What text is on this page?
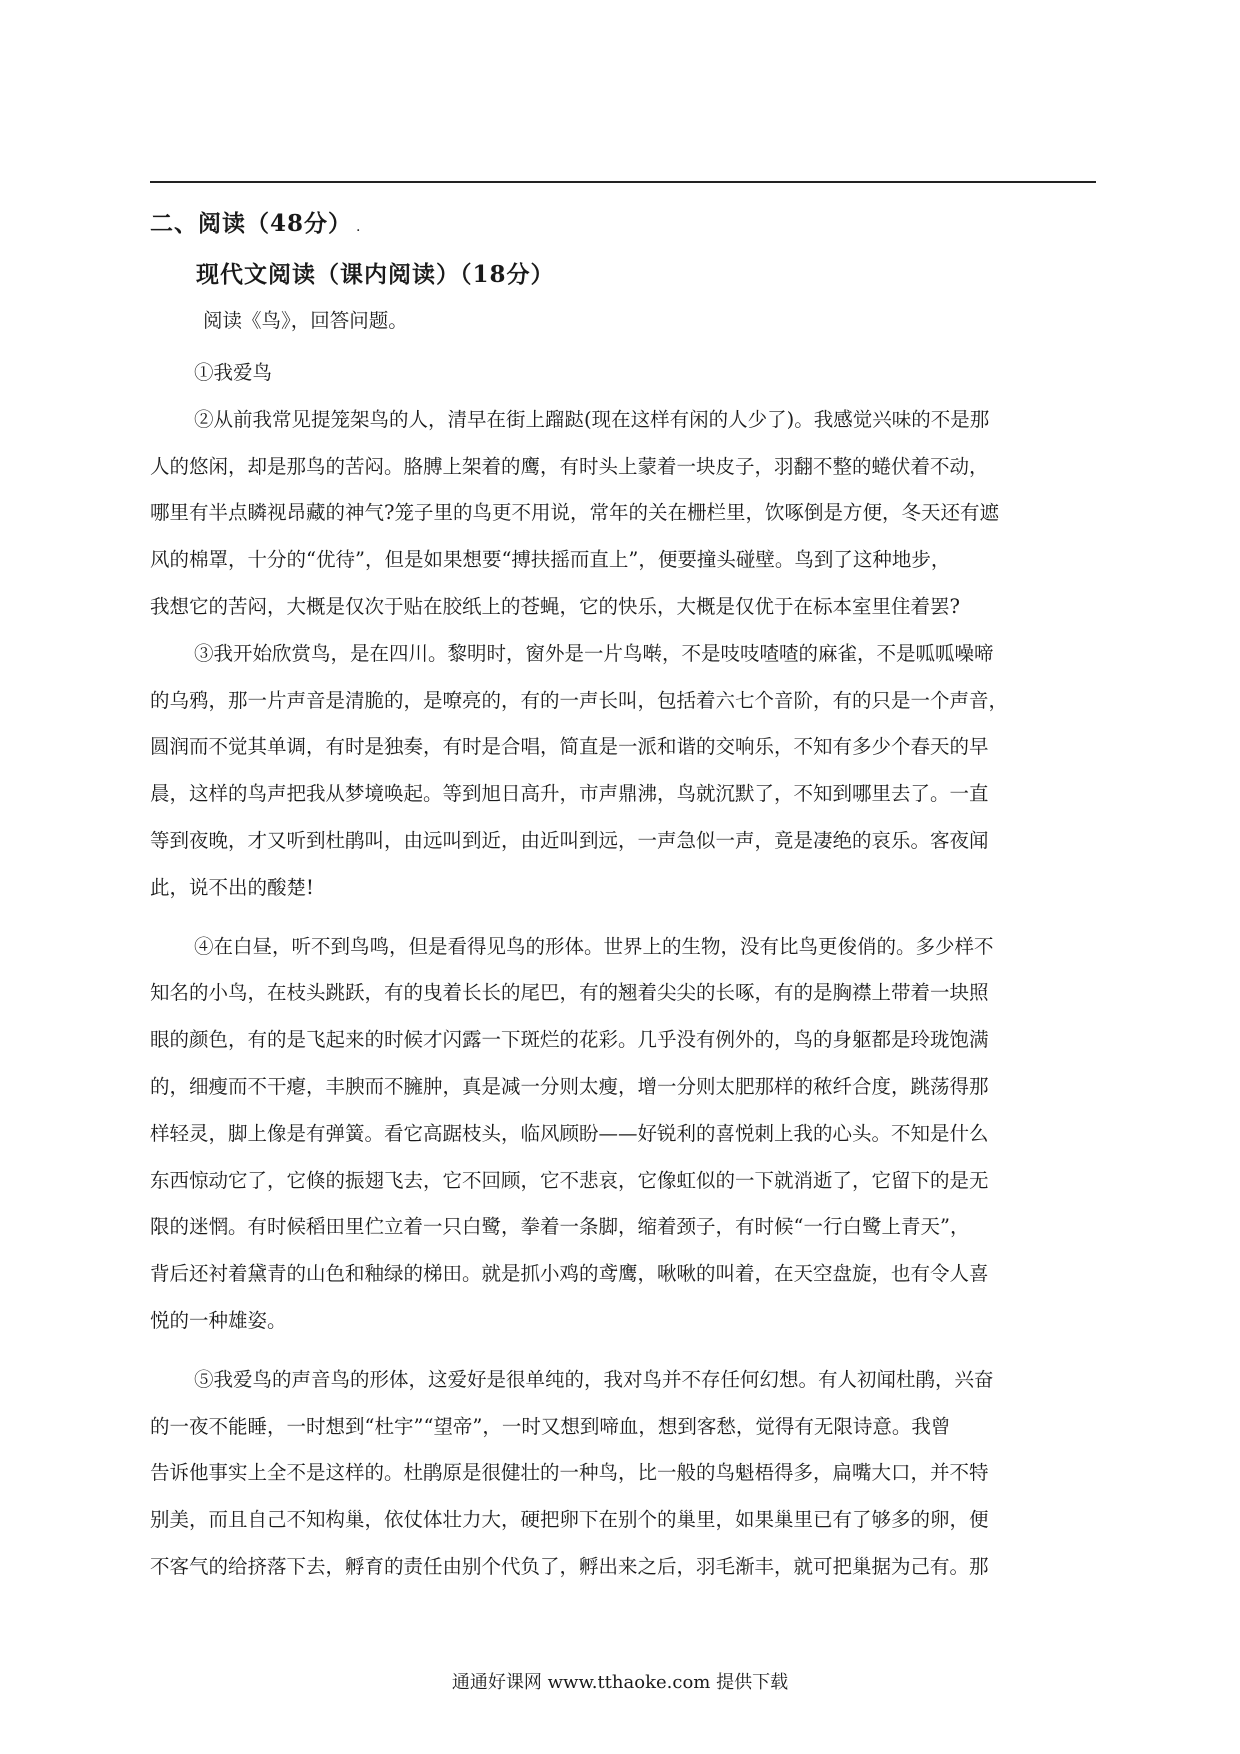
二、阅读（48分） .
现代文阅读（课内阅读）（18分）
阅读《鸟》，回答问题。
①我爱鸟
②从前我常见提笼架鸟的人，清早在街上蹓跶(现在这样有闲的人少了)。我感觉兴味的不是那
人的悠闲，却是那鸟的苦闷。胳膊上架着的鹰，有时头上蒙着一块皮子，羽翻不整的蜷伏着不动，
哪里有半点瞵视昂藏的神气?笼子里的鸟更不用说，常年的关在栅栏里，饮啄倒是方便，冬天还有遮
风的棉罩，十分的“优待”，但是如果想要“搏扶摇而直上”，便要撞头碰壁。鸟到了这种地步，
我想它的苦闷，大概是仅次于贴在胶纸上的苍蝇，它的快乐，大概是仅优于在标本室里住着罢?
③我开始欣赏鸟，是在四川。黎明时，窗外是一片鸟啭，不是吱吱喳喳的麻雀，不是呱呱噪啼
的乌鸦，那一片声音是清脆的，是嘹亮的，有的一声长叫，包括着六七个音阶，有的只是一个声音，
圆润而不觉其单调，有时是独奏，有时是合唱，简直是一派和谐的交响乐，不知有多少个春天的早
晨，这样的鸟声把我从梦境唤起。等到旭日高升，市声鼎沸，鸟就沉默了，不知到哪里去了。一直
等到夜晚，才又听到杜鹃叫，由远叫到近，由近叫到远，一声急似一声，竟是凄绝的哀乐。客夜闻
此，说不出的酸楚!
④在白昼，听不到鸟鸣，但是看得见鸟的形体。世界上的生物，没有比鸟更俊俏的。多少样不
知名的小鸟，在枝头跳跃，有的曳着长长的尾巴，有的翘着尖尖的长啄，有的是胸襟上带着一块照
眼的颜色，有的是飞起来的时候才闪露一下斑烂的花彩。几乎没有例外的，鸟的身躯都是玲珑饱满
的，细瘦而不干瘪，丰腴而不臃肿，真是减一分则太瘦，增一分则太肥那样的秾纤合度，跳荡得那
样轻灵，脚上像是有弹簧。看它高踞枝头，临风顾盼——好锐利的喜悦刺上我的心头。不知是什么
东西惊动它了，它倏的振翅飞去，它不回顾，它不悲哀，它像虹似的一下就消逝了，它留下的是无
限的迷惘。有时候稻田里伫立着一只白鹭，拳着一条脚，缩着颈子，有时候“一行白鹭上青天”，
背后还衬着黛青的山色和釉绿的梯田。就是抓小鸡的鸢鹰，啾啾的叫着，在天空盘旋，也有令人喜
悦的一种雄姿。
⑤我爱鸟的声音鸟的形体，这爱好是很单纯的，我对鸟并不存任何幻想。有人初闻杜鹃，兴奋
的一夜不能睡，一时想到“杜宇”“望帝”，一时又想到啼血，想到客愁，觉得有无限诗意。我曾
告诉他事实上全不是这样的。杜鹃原是很健壮的一种鸟，比一般的鸟魁梧得多，扁嘴大口，并不特
别美，而且自己不知构巢，依仗体壮力大，硬把卵下在别个的巢里，如果巢里已有了够多的卵，便
不客气的给挤落下去，孵育的责任由别个代负了，孵出来之后，羽毛渐丰，就可把巢据为己有。那
通通好课网 www.tthaoke.com 提供下载
